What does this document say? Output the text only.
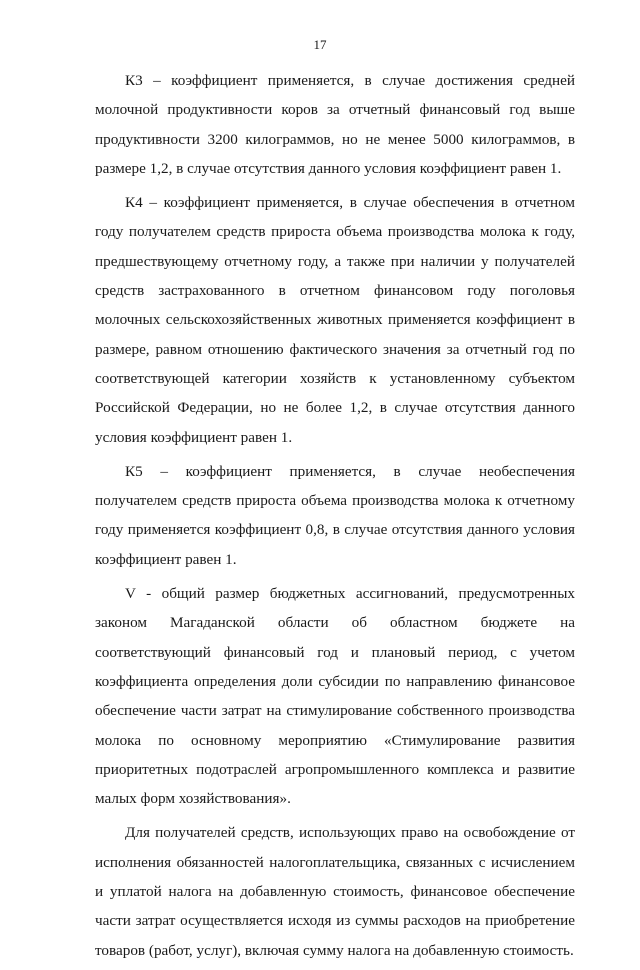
17

К3 – коэффициент применяется, в случае достижения средней молочной продуктивности коров за отчетный финансовый год выше продуктивности 3200 килограммов, но не менее 5000 килограммов, в размере 1,2, в случае отсутствия данного условия коэффициент равен 1.

К4 – коэффициент применяется, в случае обеспечения в отчетном году получателем средств прироста объема производства молока к году, предшествующему отчетному году, а также при наличии у получателей средств застрахованного в отчетном финансовом году поголовья молочных сельскохозяйственных животных применяется коэффициент в размере, равном отношению фактического значения за отчетный год по соответствующей категории хозяйств к установленному субъектом Российской Федерации, но не более 1,2, в случае отсутствия данного условия коэффициент равен 1.

К5 – коэффициент применяется, в случае необеспечения получателем средств прироста объема производства молока к отчетному году применяется коэффициент 0,8, в случае отсутствия данного условия коэффициент равен 1.

V - общий размер бюджетных ассигнований, предусмотренных законом Магаданской области об областном бюджете на соответствующий финансовый год и плановый период, с учетом коэффициента определения доли субсидии по направлению финансовое обеспечение части затрат на стимулирование собственного производства молока по основному мероприятию «Стимулирование развития приоритетных подотраслей агропромышленного комплекса и развитие малых форм хозяйствования».

Для получателей средств, использующих право на освобождение от исполнения обязанностей налогоплательщика, связанных с исчислением и уплатой налога на добавленную стоимость, финансовое обеспечение части затрат осуществляется исходя из суммы расходов на приобретение товаров (работ, услуг), включая сумму налога на добавленную стоимость.
